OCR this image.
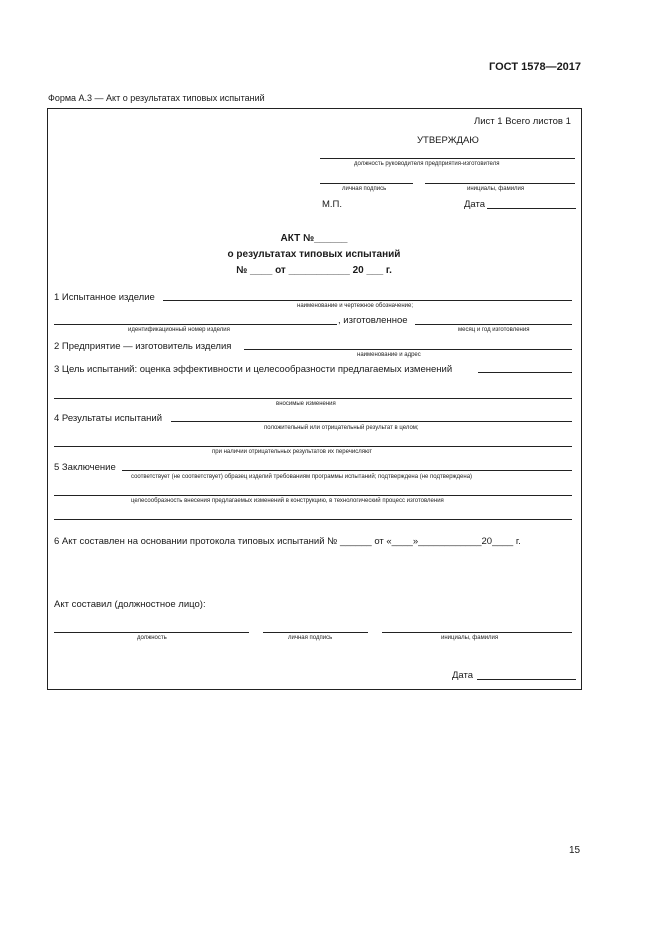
ГОСТ 1578—2017
Форма А.3 — Акт о результатах типовых испытаний
Лист 1 Всего листов 1
УТВЕРЖДАЮ
должность руководителя предприятия-изготовителя
личная подпись	инициалы, фамилия
М.П.	Дата
АКТ №______
о результатах типовых испытаний
№ ____ от ___________ 20 ___ г.
1 Испытанное изделие
наименование и чертежное обозначение;
, изготовленное
идентификационный номер изделия	месяц и год изготовления
2 Предприятие — изготовитель изделия
наименование и адрес
3 Цель испытаний: оценка эффективности и целесообразности предлагаемых изменений
вносимые изменения
4 Результаты испытаний
положительный или отрицательный результат в целом;
при наличии отрицательных результатов их перечисляют
5 Заключение
соответствует (не соответствует) образец изделий требованиям программы испытаний; подтверждена (не подтверждена)
целесообразность внесения предлагаемых изменений в конструкцию, в технологический процесс изготовления
6 Акт составлен на основании протокола типовых испытаний № ______ от «____»____________20____ г.
Акт составил (должностное лицо):
должность	личная подпись	инициалы, фамилия
Дата
15
